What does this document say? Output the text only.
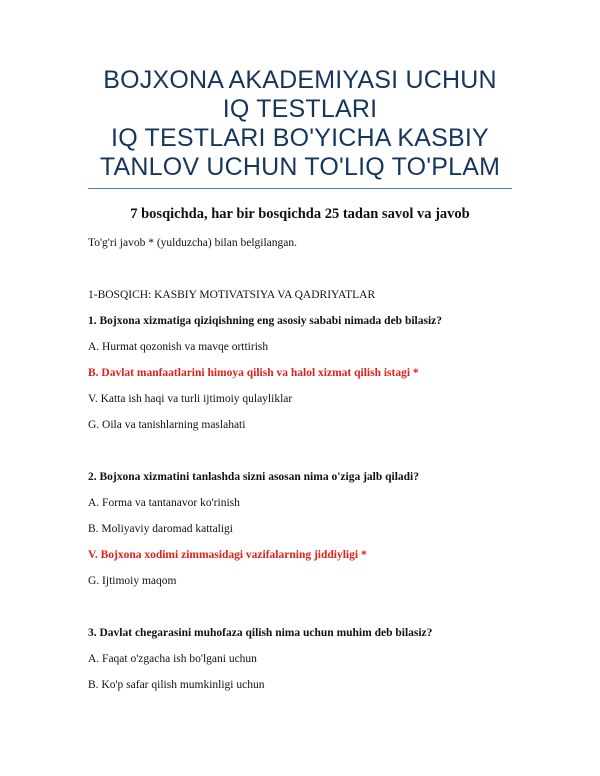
BOJXONA AKADEMIYASI UCHUN
IQ TESTLARI
IQ TESTLARI BO'YICHA KASBIY
TANLOV UCHUN TO'LIQ TO'PLAM

7 bosqichda, har bir bosqichda 25 tadan savol va javob

To'g'ri javob * (yulduzcha) bilan belgilangan.

1-BOSQICH: KASBIY MOTIVATSIYA VA QADRIYATLAR

1. Bojxona xizmatiga qiziqishning eng asosiy sababi nimada deb bilasiz?

A. Hurmat qozonish va mavqe orttirish

B. Davlat manfaatlarini himoya qilish va halol xizmat qilish istagi *

V. Katta ish haqi va turli ijtimoiy qulayliklar

G. Oila va tanishlarning maslahati

2. Bojxona xizmatini tanlashda sizni asosan nima o'ziga jalb qiladi?

A. Forma va tantanavor ko'rinish

B. Moliyaviy daromad kattaligi

V. Bojxona xodimi zimmasidagi vazifalarning jiddiyligi *

G. Ijtimoiy maqom

3. Davlat chegarasini muhofaza qilish nima uchun muhim deb bilasiz?

A. Faqat o'zgacha ish bo'lgani uchun

B. Ko'p safar qilish mumkinligi uchun
